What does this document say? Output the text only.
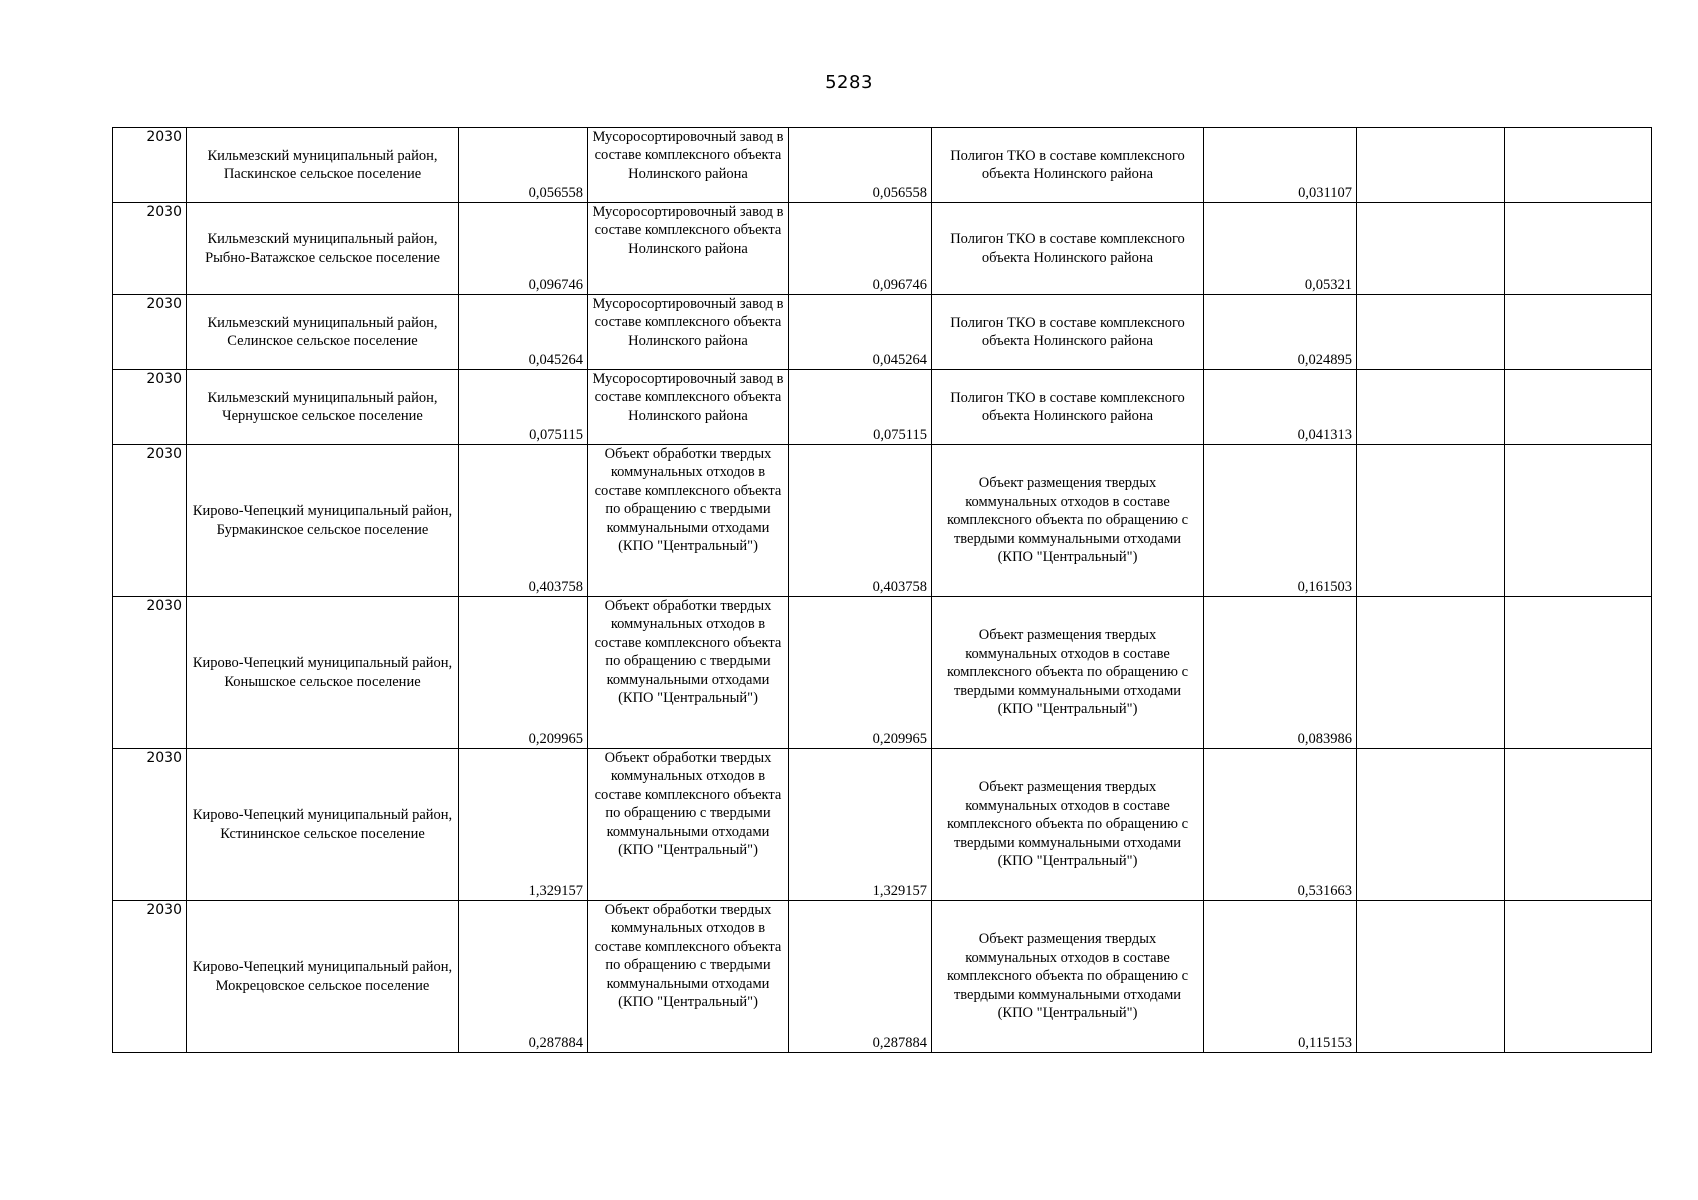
5283
2030	Кильмезский муниципальный район, Паскинское сельское поселение	0,056558	Мусоросортировочный завод в составе комплексного объекта Нолинского района	0,056558	Полигон ТКО в составе комплексного объекта Нолинского района	0,031107		
2030	Кильмезский муниципальный район, Рыбно-Ватажское сельское поселение	0,096746	Мусоросортировочный завод в составе комплексного объекта Нолинского района	0,096746	Полигон ТКО в составе комплексного объекта Нолинского района	0,05321		
2030	Кильмезский муниципальный район, Селинское сельское поселение	0,045264	Мусоросортировочный завод в составе комплексного объекта Нолинского района	0,045264	Полигон ТКО в составе комплексного объекта Нолинского района	0,024895		
2030	Кильмезский муниципальный район, Чернушское сельское поселение	0,075115	Мусоросортировочный завод в составе комплексного объекта Нолинского района	0,075115	Полигон ТКО в составе комплексного объекта Нолинского района	0,041313		
2030	Кирово-Чепецкий муниципальный район, Бурмакинское сельское поселение	0,403758	Объект обработки твердых коммунальных отходов в составе комплексного объекта по обращению с твердыми коммунальными отходами (КПО "Центральный")	0,403758	Объект размещения твердых коммунальных отходов в составе комплексного объекта по обращению с твердыми коммунальными отходами (КПО "Центральный")	0,161503		
2030	Кирово-Чепецкий муниципальный район, Конышское сельское поселение	0,209965	Объект обработки твердых коммунальных отходов в составе комплексного объекта по обращению с твердыми коммунальными отходами (КПО "Центральный")	0,209965	Объект размещения твердых коммунальных отходов в составе комплексного объекта по обращению с твердыми коммунальными отходами (КПО "Центральный")	0,083986		
2030	Кирово-Чепецкий муниципальный район, Кстининское сельское поселение	1,329157	Объект обработки твердых коммунальных отходов в составе комплексного объекта по обращению с твердыми коммунальными отходами (КПО "Центральный")	1,329157	Объект размещения твердых коммунальных отходов в составе комплексного объекта по обращению с твердыми коммунальными отходами (КПО "Центральный")	0,531663		
2030	Кирово-Чепецкий муниципальный район, Мокрецовское сельское поселение	0,287884	Объект обработки твердых коммунальных отходов в составе комплексного объекта по обращению с твердыми коммунальными отходами (КПО "Центральный")	0,287884	Объект размещения твердых коммунальных отходов в составе комплексного объекта по обращению с твердыми коммунальными отходами (КПО "Центральный")	0,115153		
